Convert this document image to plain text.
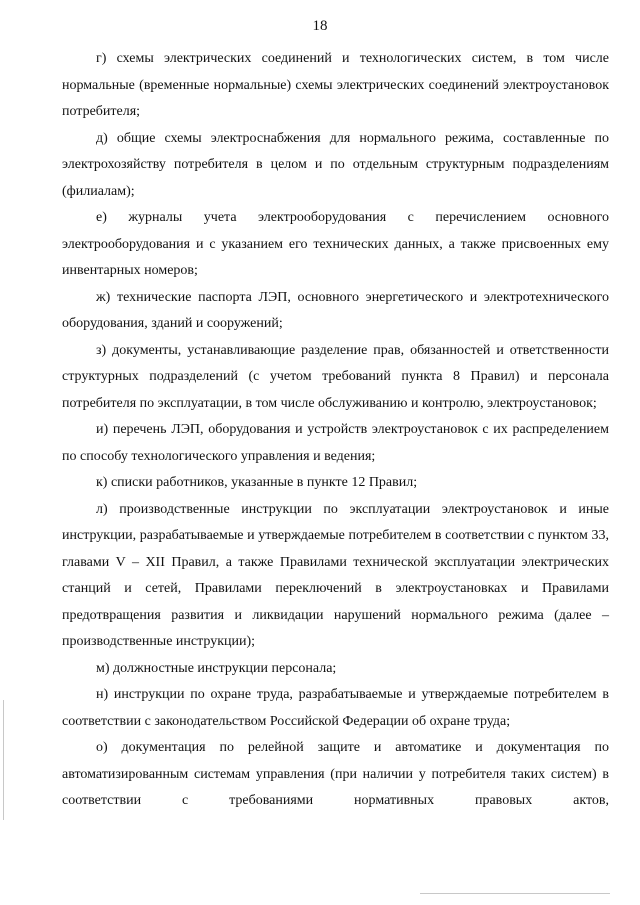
18

г) схемы электрических соединений и технологических систем, в том числе нормальные (временные нормальные) схемы электрических соединений электроустановок потребителя;

д) общие схемы электроснабжения для нормального режима, составленные по электрохозяйству потребителя в целом и по отдельным структурным подразделениям (филиалам);

е) журналы учета электрооборудования с перечислением основного электрооборудования и с указанием его технических данных, а также присвоенных ему инвентарных номеров;

ж) технические паспорта ЛЭП, основного энергетического и электротехнического оборудования, зданий и сооружений;

з) документы, устанавливающие разделение прав, обязанностей и ответственности структурных подразделений (с учетом требований пункта 8 Правил) и персонала потребителя по эксплуатации, в том числе обслуживанию и контролю, электроустановок;

и) перечень ЛЭП, оборудования и устройств электроустановок с их распределением по способу технологического управления и ведения;

к) списки работников, указанные в пункте 12 Правил;

л) производственные инструкции по эксплуатации электроустановок и иные инструкции, разрабатываемые и утверждаемые потребителем в соответствии с пунктом 33, главами V – XII Правил, а также Правилами технической эксплуатации электрических станций и сетей, Правилами переключений в электроустановках и Правилами предотвращения развития и ликвидации нарушений нормального режима (далее – производственные инструкции);

м) должностные инструкции персонала;

н) инструкции по охране труда, разрабатываемые и утверждаемые потребителем в соответствии с законодательством Российской Федерации об охране труда;

о) документация по релейной защите и автоматике и документация по автоматизированным системам управления (при наличии у потребителя таких систем) в соответствии с требованиями нормативных правовых актов,
